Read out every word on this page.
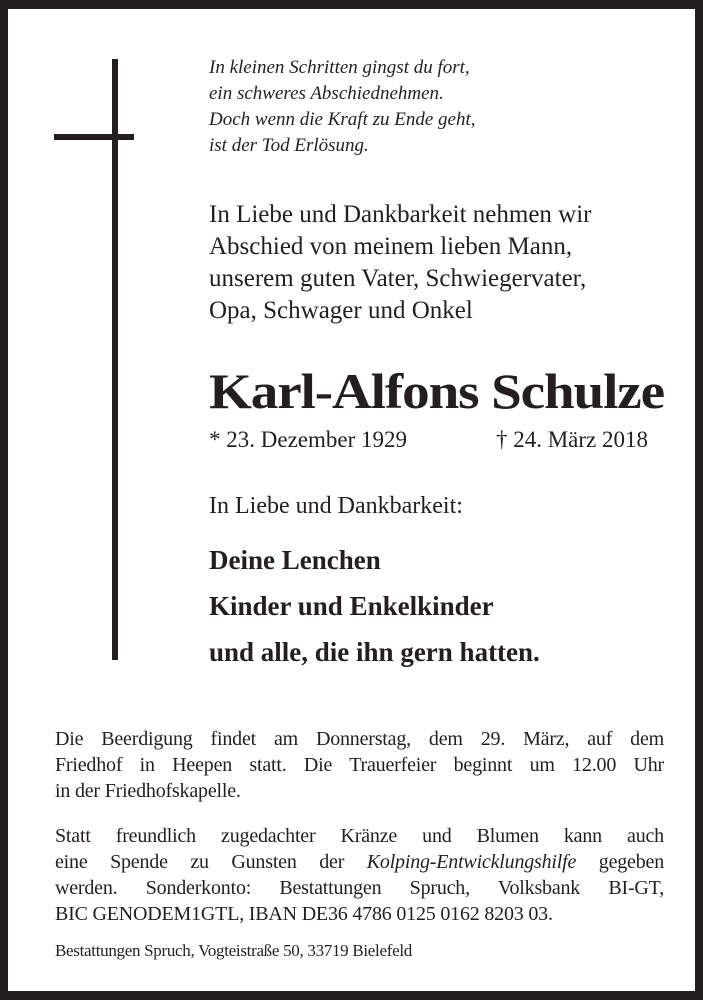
In kleinen Schritten gingst du fort,
ein schweres Abschiednehmen.
Doch wenn die Kraft zu Ende geht,
ist der Tod Erlösung.
In Liebe und Dankbarkeit nehmen wir
Abschied von meinem lieben Mann,
unserem guten Vater, Schwiegervater,
Opa, Schwager und Onkel
Karl-Alfons Schulze
* 23. Dezember 1929	† 24. März 2018
In Liebe und Dankbarkeit:
Deine Lenchen
Kinder und Enkelkinder
und alle, die ihn gern hatten.
Die Beerdigung findet am Donnerstag, dem 29. März, auf dem
Friedhof in Heepen statt. Die Trauerfeier beginnt um 12.00 Uhr
in der Friedhofskapelle.
Statt freundlich zugedachter Kränze und Blumen kann auch
eine Spende zu Gunsten der Kolping-Entwicklungshilfe gegeben
werden. Sonderkonto: Bestattungen Spruch, Volksbank BI-GT,
BIC GENODEM1GTL, IBAN DE36 4786 0125 0162 8203 03.
Bestattungen Spruch, Vogteistraße 50, 33719 Bielefeld
